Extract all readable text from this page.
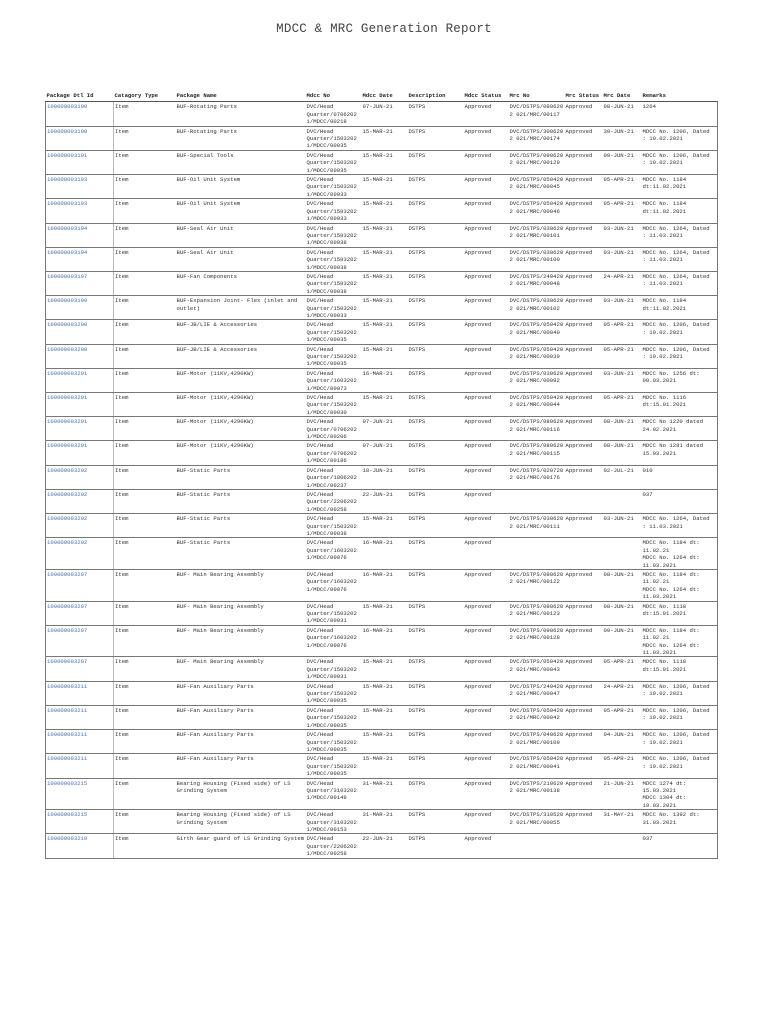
MDCC & MRC Generation Report
Package Dtl Id	Catagory Type	Package Name	Mdcc No	Mdcc Date	Description	Mdcc Status	Mrc No	Mrc Status	Mrc Date	Remarks
100000003190	Item	BUF-Rotating Parts	DVC/Head Quarter/0706202 1/MDCC/00218	07-JUN-21	DSTPS	Approved	DVC/DSTPS/0806202 021/MRC/00117	Approved	08-JUN-21	1264
100000003190	Item	BUF-Rotating Parts	DVC/Head Quarter/1503202 1/MDCC/00035	15-MAR-21	DSTPS	Approved	DVC/DSTPS/3006202 021/MRC/00174	Approved	30-JUN-21	MDCC No. 1206, Dated : 19.02.2021
100000003191	Item	BUF-Special Tools	DVC/Head Quarter/1503202 1/MDCC/00035	15-MAR-21	DSTPS	Approved	DVC/DSTPS/0906202 021/MRC/00129	Approved	09-JUN-21	MDCC No. 1206, Dated : 19.02.2021
100000003193	Item	BUF-Oil Unit System	DVC/Head Quarter/1503202 1/MDCC/00033	15-MAR-21	DSTPS	Approved	DVC/DSTPS/0504202 021/MRC/00045	Approved	05-APR-21	MDCC No. 1184 dt:11.02.2021
100000003193	Item	BUF-Oil Unit System	DVC/Head Quarter/1503202 1/MDCC/00033	15-MAR-21	DSTPS	Approved	DVC/DSTPS/0504202 021/MRC/00046	Approved	05-APR-21	MDCC No. 1184 dt:11.02.2021
100000003194	Item	BUF-Seal Air Unit	DVC/Head Quarter/1503202 1/MDCC/00038	15-MAR-21	DSTPS	Approved	DVC/DSTPS/0306202 021/MRC/00101	Approved	03-JUN-21	MDCC No. 1264, Dated : 11.03.2021
100000003194	Item	BUF-Seal Air Unit	DVC/Head Quarter/1503202 1/MDCC/00038	15-MAR-21	DSTPS	Approved	DVC/DSTPS/0306202 021/MRC/00100	Approved	03-JUN-21	MDCC No. 1264, Dated : 11.03.2021
100000003197	Item	BUF-Fan Components	DVC/Head Quarter/1503202 1/MDCC/00038	15-MAR-21	DSTPS	Approved	DVC/DSTPS/2404202 021/MRC/00048	Approved	24-APR-21	MDCC No. 1264, Dated : 11.03.2021
100000003198	Item	BUF-Expansion Joint- Flex (inlet and outlet)	DVC/Head Quarter/1503202 1/MDCC/00033	15-MAR-21	DSTPS	Approved	DVC/DSTPS/0306202 021/MRC/00102	Approved	03-JUN-21	MDCC No. 1184 dt:11.02.2021
100000003200	Item	BUF-JB/LIE & Accessories	DVC/Head Quarter/1503202 1/MDCC/00035	15-MAR-21	DSTPS	Approved	DVC/DSTPS/0504202 021/MRC/00040	Approved	05-APR-21	MDCC No. 1206, Dated : 19.02.2021
100000003200	Item	BUF-JB/LIE & Accessories	DVC/Head Quarter/1503202 1/MDCC/00035	15-MAR-21	DSTPS	Approved	DVC/DSTPS/0504202 021/MRC/00039	Approved	05-APR-21	MDCC No. 1206, Dated : 19.02.2021
100000003201	Item	BUF-Motor (11KV,4290KW)	DVC/Head Quarter/1603202 1/MDCC/00073	16-MAR-21	DSTPS	Approved	DVC/DSTPS/0306202 021/MRC/00092	Approved	03-JUN-21	MDCC No. 1256 dt: 09.03.2021
100000003201	Item	BUF-Motor (11KV,4290KW)	DVC/Head Quarter/1503202 1/MDCC/00030	15-MAR-21	DSTPS	Approved	DVC/DSTPS/0504202 021/MRC/00044	Approved	05-APR-21	MDCC No. 1116 dt:15.01.2021
100000003201	Item	BUF-Motor (11KV,4290KW)	DVC/Head Quarter/0706202 1/MDCC/00206	07-JUN-21	DSTPS	Approved	DVC/DSTPS/0806202 021/MRC/00116	Approved	08-JUN-21	MDCC No 1220 dated 24.02.2021
100000003201	Item	BUF-Motor (11KV,4290KW)	DVC/Head Quarter/0706202 1/MDCC/00186	07-JUN-21	DSTPS	Approved	DVC/DSTPS/0806202 021/MRC/00115	Approved	08-JUN-21	MDCC No 1281 dated 15.03.2021
100000003202	Item	BUF-Static Parts	DVC/Head Quarter/1806202 1/MDCC/00237	18-JUN-21	DSTPS	Approved	DVC/DSTPS/0207202 021/MRC/00176	Approved	02-JUL-21	010
100000003202	Item	BUF-Static Parts	DVC/Head Quarter/2206202 1/MDCC/00258	22-JUN-21	DSTPS	Approved				037
100000003202	Item	BUF-Static Parts	DVC/Head Quarter/1503202 1/MDCC/00038	15-MAR-21	DSTPS	Approved	DVC/DSTPS/0306202 021/MRC/00111	Approved	03-JUN-21	MDCC No. 1264, Dated : 11.03.2021
100000003202	Item	BUF-Static Parts	DVC/Head Quarter/1603202 1/MDCC/00076	16-MAR-21	DSTPS	Approved				MDCC No. 1184 dt: 11.02.21
MDCC No. 1264 dt: 11.03.2021
100000003207	Item	BUF- Main Bearing Assembly	DVC/Head Quarter/1603202 1/MDCC/00076	16-MAR-21	DSTPS	Approved	DVC/DSTPS/0806202 021/MRC/00122	Approved	08-JUN-21	MDCC No. 1184 dt: 11.02.21
MDCC No. 1264 dt: 11.03.2021
100000003207	Item	BUF- Main Bearing Assembly	DVC/Head Quarter/1503202 1/MDCC/00031	15-MAR-21	DSTPS	Approved	DVC/DSTPS/0806202 021/MRC/00123	Approved	08-JUN-21	MDCC No. 1118 dt:15.01.2021
100000003207	Item	BUF- Main Bearing Assembly	DVC/Head Quarter/1603202 1/MDCC/00076	16-MAR-21	DSTPS	Approved	DVC/DSTPS/0906202 021/MRC/00128	Approved	09-JUN-21	MDCC No. 1184 dt: 11.02.21
MDCC No. 1264 dt: 11.03.2021
100000003207	Item	BUF- Main Bearing Assembly	DVC/Head Quarter/1503202 1/MDCC/00031	15-MAR-21	DSTPS	Approved	DVC/DSTPS/0504202 021/MRC/00043	Approved	05-APR-21	MDCC No. 1118 dt:15.01.2021
100000003211	Item	BUF-Fan Auxiliary Parts	DVC/Head Quarter/1503202 1/MDCC/00035	15-MAR-21	DSTPS	Approved	DVC/DSTPS/2404202 021/MRC/00047	Approved	24-APR-21	MDCC No. 1206, Dated : 19.02.2021
100000003211	Item	BUF-Fan Auxiliary Parts	DVC/Head Quarter/1503202 1/MDCC/00035	15-MAR-21	DSTPS	Approved	DVC/DSTPS/0504202 021/MRC/00042	Approved	05-APR-21	MDCC No. 1206, Dated : 19.02.2021
100000003211	Item	BUF-Fan Auxiliary Parts	DVC/Head Quarter/1503202 1/MDCC/00035	15-MAR-21	DSTPS	Approved	DVC/DSTPS/0406202 021/MRC/00109	Approved	04-JUN-21	MDCC No. 1206, Dated : 19.02.2021
100000003211	Item	BUF-Fan Auxiliary Parts	DVC/Head Quarter/1503202 1/MDCC/00035	15-MAR-21	DSTPS	Approved	DVC/DSTPS/0504202 021/MRC/00041	Approved	05-APR-21	MDCC No. 1206, Dated : 19.02.2021
100000003215	Item	Bearing Housing (Fixed side) of LS Grinding System	DVC/Head Quarter/3103202 1/MDCC/00149	31-MAR-21	DSTPS	Approved	DVC/DSTPS/2106202 021/MRC/00138	Approved	21-JUN-21	MDCC 1274 dt: 15.03.2021
MDCC 1304 dt: 19.03.2021
100000003215	Item	Bearing Housing (Fixed side) of LS Grinding System	DVC/Head Quarter/3103202 1/MDCC/00153	31-MAR-21	DSTPS	Approved	DVC/DSTPS/3105202 021/MRC/00055	Approved	31-MAY-21	MDCC No. 1392 dt: 31.03.2021
100000003219	Item	Girth Gear guard of LS Grinding System	DVC/Head Quarter/2206202 1/MDCC/00258	22-JUN-21	DSTPS	Approved				037
